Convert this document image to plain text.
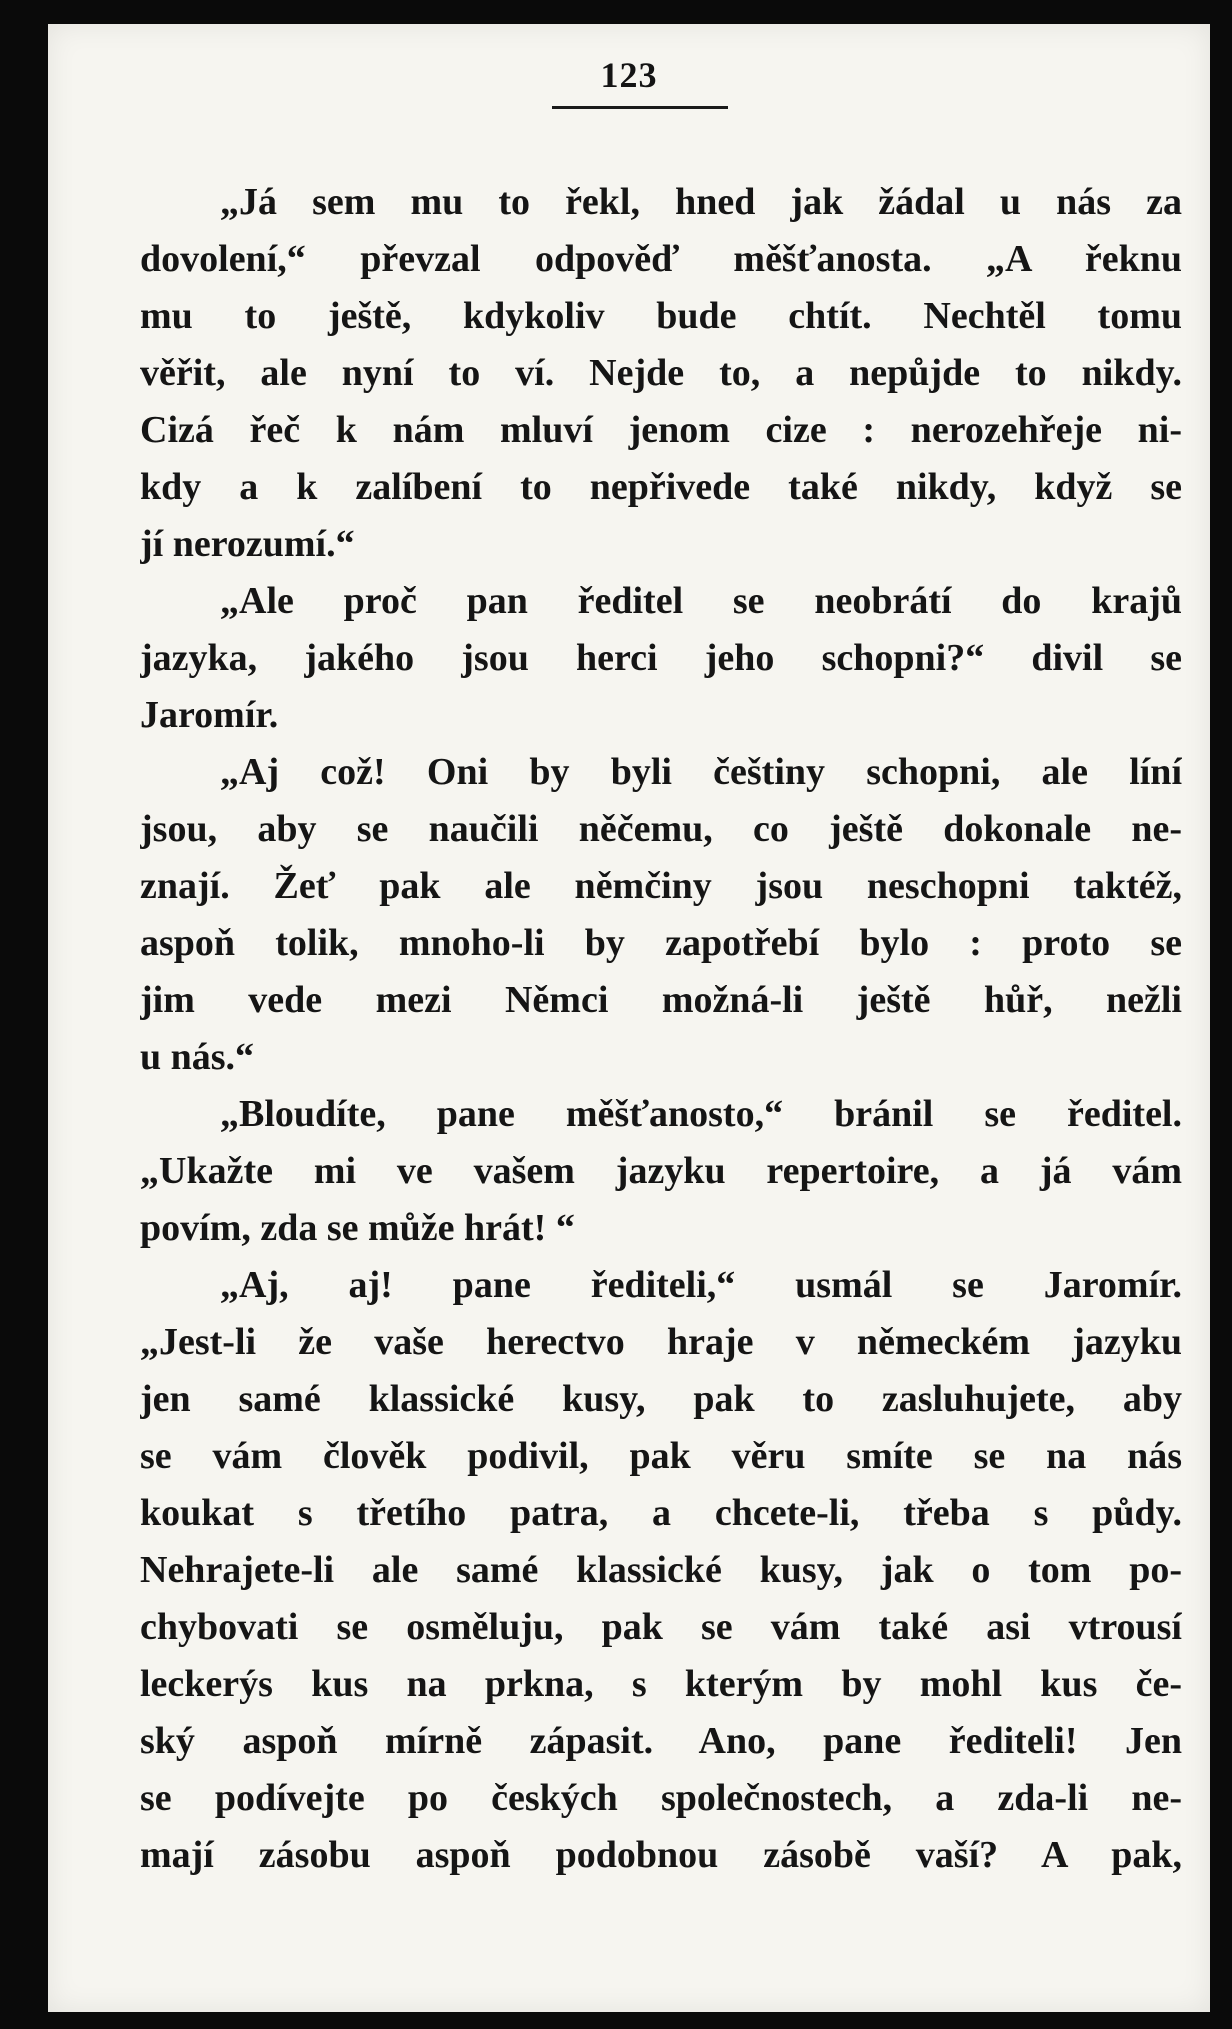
123
„Já sem mu to řekl, hned jak žádal u nás za
dovolení,“ převzal odpověď měšťanosta. „A řeknu
mu to ještě, kdykoliv bude chtít. Nechtěl tomu
věřit, ale nyní to ví. Nejde to, a nepůjde to nikdy.
Cizá řeč k nám mluví jenom cize : nerozehřeje ni-
kdy a k zalíbení to nepřivede také nikdy, když se
jí nerozumí.“
„Ale proč pan ředitel se neobrátí do krajů
jazyka, jakého jsou herci jeho schopni?“ divil se
Jaromír.
„Aj což! Oni by byli češtiny schopni, ale líní
jsou, aby se naučili něčemu, co ještě dokonale ne-
znají. Žeť pak ale němčiny jsou neschopni taktéž,
aspoň tolik, mnoho-li by zapotřebí bylo : proto se
jim vede mezi Němci možná-li ještě hůř, nežli
u nás.“
„Bloudíte, pane měšťanosto,“ bránil se ředitel.
„Ukažte mi ve vašem jazyku repertoire, a já vám
povím, zda se může hrát! “
„Aj, aj! pane řediteli,“ usmál se Jaromír.
„Jest-li že vaše herectvo hraje v německém jazyku
jen samé klassické kusy, pak to zasluhujete, aby
se vám člověk podivil, pak věru smíte se na nás
koukat s třetího patra, a chcete-li, třeba s půdy.
Nehrajete-li ale samé klassické kusy, jak o tom po-
chybovati se osměluju, pak se vám také asi vtrousí
leckerýs kus na prkna, s kterým by mohl kus če-
ský aspoň mírně zápasit. Ano, pane řediteli! Jen
se podívejte po českých společnostech, a zda-li ne-
mají zásobu aspoň podobnou zásobě vaší? A pak,
